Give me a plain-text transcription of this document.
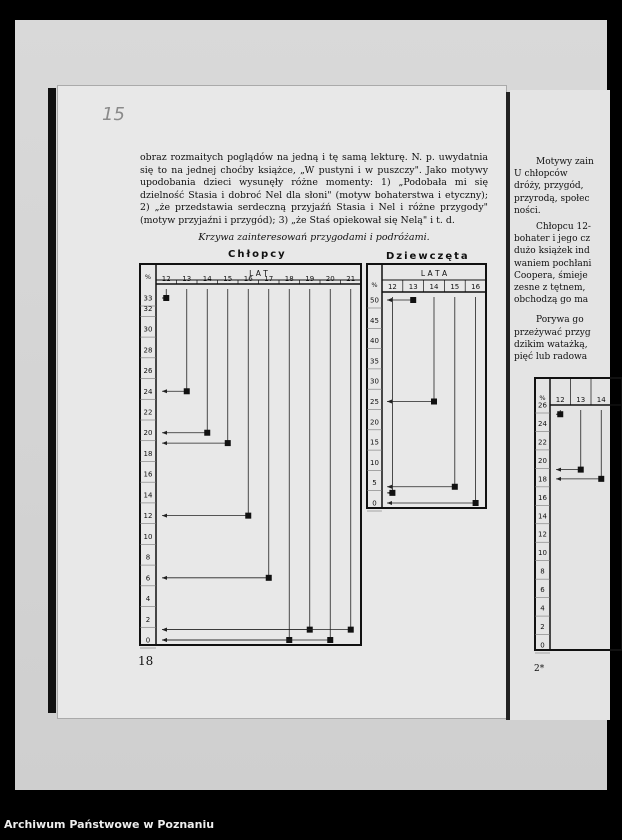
15
obraz rozmaitych poglądów na jedną i tę samą lekturę. N. p. uwydatnia się to na jednej choćby książce, „W pustyni i w puszczy". Jako motywy upodobania dzieci wysunęły różne momenty: 1) „Podobała mi się dzielność Stasia i dobroć Nel dla słoni" (motyw bohaterstwa i etyczny); 2) „że przedstawia serdeczną przyjaźń Stasia i Nel i różne przygody" (motyw przyjaźni i przygód); 3) „że Staś opiekował się Nelą" i t. d.
Krzywa zainteresowań przygodami i podróżami.
Chłopcy	Dziewczęta
L A T
%
33
32
30
28
26
24
22
20
18
16
14
12
10
8
6
4
2
0
12 13 14 15 16 17 18 19 20 21
L A T A
%
50
45
40
35
30
25
20
15
10
5
0
12 13 14 15 16
%
26
24
22
20
18
16
14
12
10
8
6
4
2
0
12 13 14
18
Motywy zain
U chłopców
dróży, przygód,
przyrodą, społec
ności.
Chłopcu 12-
bohater i jego cz
dużo książek ind
waniem pochłani
Coopera, śmieje
zesne z tętnem,
obchodzą go ma
Porywa go
przeżywać przyg
dzikim watażką,
pięć lub radowa
2*
Archiwum Państwowe w Poznaniu
